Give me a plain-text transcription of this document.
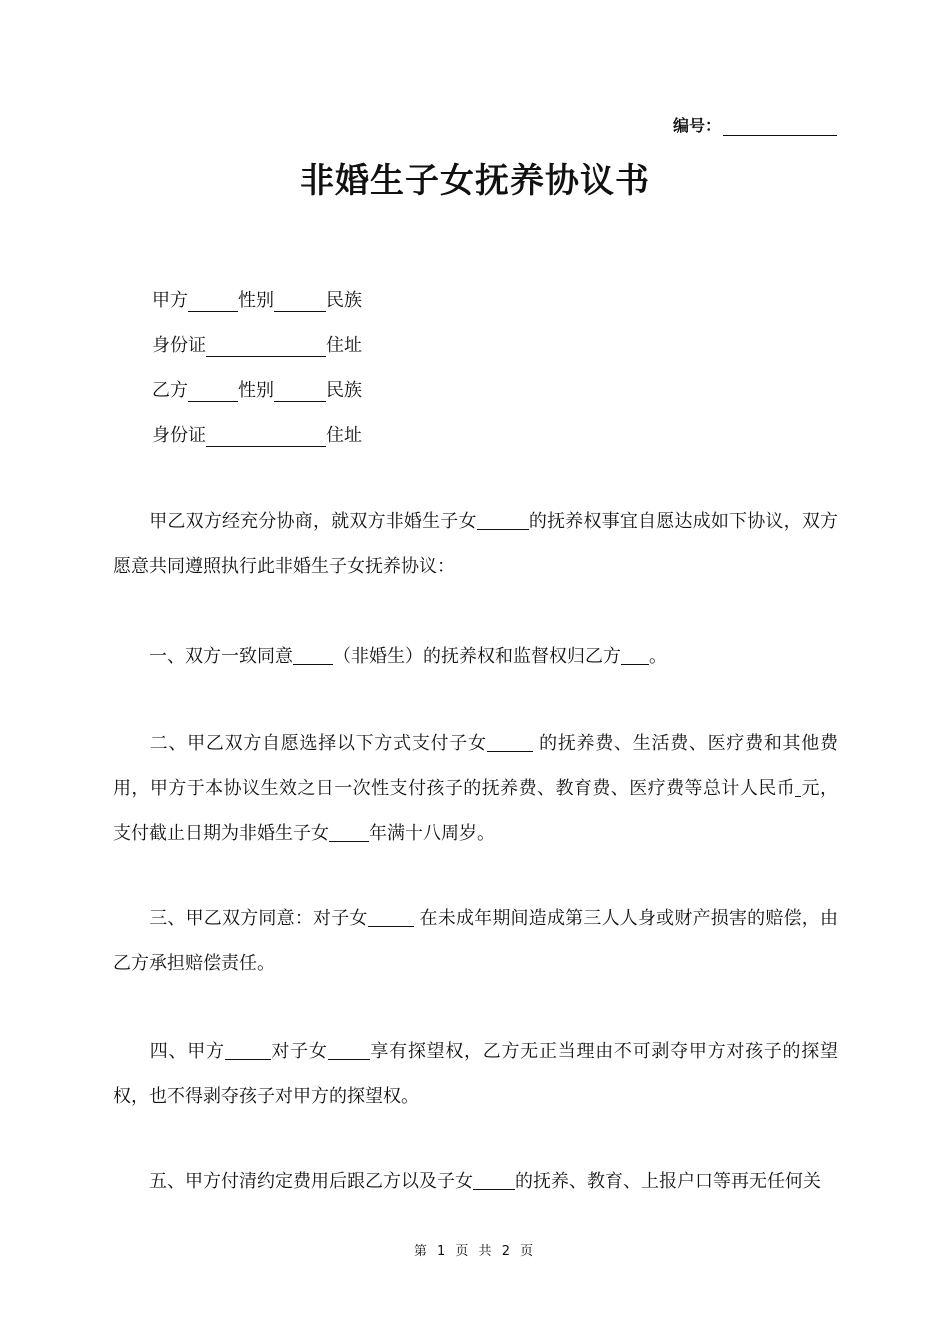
编号：
非婚生子女抚养协议书
甲方	性别	民族
身份证	住址
乙方	性别	民族
身份证	住址
甲乙双方经充分协商，就双方非婚生子女	的抚养权事宜自愿达成如下协议，双方愿意共同遵照执行此非婚生子女抚养协议：
一、双方一致同意 （非婚生）的抚养权和监督权归乙方 。
二、甲乙双方自愿选择以下方式支付子女	的抚养费、生活费、医疗费和其他费用，甲方于本协议生效之日一次性支付孩子的抚养费、教育费、医疗费等总计人民币 元，支付截止日期为非婚生子女 年满十八周岁。
三、甲乙双方同意：对子女	在未成年期间造成第三人人身或财产损害的赔偿，由乙方承担赔偿责任。
四、甲方	对子女 享有探望权，乙方无正当理由不可剥夺甲方对孩子的探望权，也不得剥夺孩子对甲方的探望权。
五、甲方付清约定费用后跟乙方以及子女 的抚养、教育、上报户口等再无任何关
第 1 页 共 2 页
